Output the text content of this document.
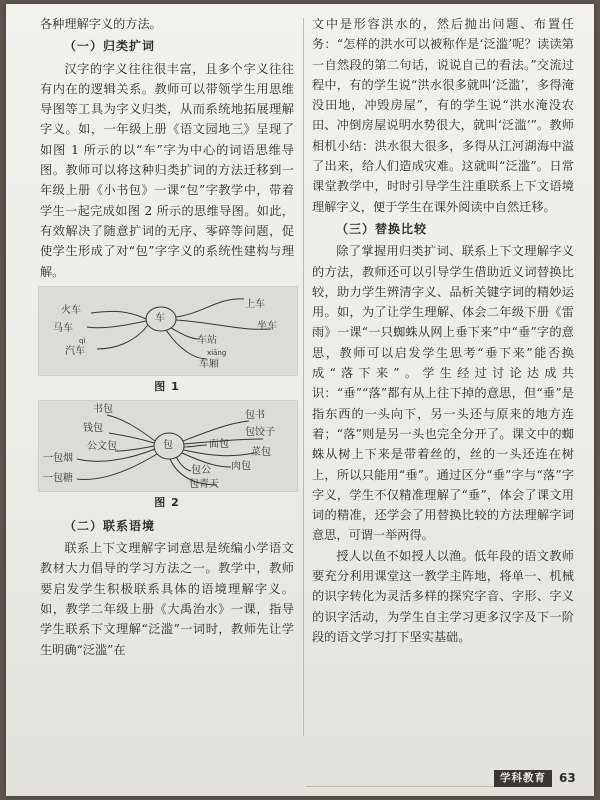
各种理解字义的方法。

（一）归类扩词

汉字的字义往往很丰富，且多个字义往往有内在的逻辑关系。教师可以带领学生用思维导图等工具为字义归类，从而系统地拓展理解字义。如，一年级上册《语文园地三》呈现了如图 1 所示的以“车”字为中心的词语思维导图。教师可以将这种归类扩词的方法迁移到一年级上册《小书包》一课“包”字教学中，带着学生一起完成如图 2 所示的思维导图。如此，有效解决了随意扩词的无序、零碎等问题，促使学生形成了对“包”字字义的系统性建构与理解。

车
火车
马车
qì
汽车
上车
坐车
车站
xiāng
车厢
图 1
包
书包
钱包
公文包
一包烟
一包糖
包书
包饺子
面包
菜包
肉包
包公
包青天
图 2
（二）联系语境

联系上下文理解字词意思是统编小学语文教材大力倡导的学习方法之一。教学中，教师要启发学生积极联系具体的语境理解字义。如，教学二年级上册《大禹治水》一课，指导学生联系下文理解“泛滥”一词时，教师先让学生明确“泛滥”在

文中是形容洪水的，然后抛出问题、布置任务：“怎样的洪水可以被称作是‘泛滥’呢？读读第一自然段的第二句话，说说自己的看法。”交流过程中，有的学生说“洪水很多就叫‘泛滥’，多得淹没田地，冲毁房屋”，有的学生说“洪水淹没农田、冲倒房屋说明水势很大，就叫‘泛滥’”。教师相机小结：洪水很大很多，多得从江河湖海中溢了出来，给人们造成灾难。这就叫“泛滥”。日常课堂教学中，时时引导学生注重联系上下文语境理解字义，便于学生在课外阅读中自然迁移。

（三）替换比较

除了掌握用归类扩词、联系上下文理解字义的方法，教师还可以引导学生借助近义词替换比较，助力学生辨清字义、品析关键字词的精妙运用。如，为了让学生理解、体会二年级下册《雷雨》一课“一只蜘蛛从网上垂下来”中“垂”字的意思，教师可以启发学生思考“垂下来”能否换成“落下来”。学生经过讨论达成共识：“垂”“落”都有从上往下掉的意思，但“垂”是指东西的一头向下，另一头还与原来的地方连着；“落”则是另一头也完全分开了。课文中的蜘蛛从树上下来是带着丝的，丝的一头还连在树上，所以只能用“垂”。通过区分“垂”字与“落”字字义，学生不仅精准理解了“垂”，体会了课文用词的精准，还学会了用替换比较的方法理解字词意思，可谓一举两得。

授人以鱼不如授人以渔。低年段的语文教师要充分利用课堂这一教学主阵地，将单一、机械的识字转化为灵活多样的探究字音、字形、字义的识字活动，为学生自主学习更多汉字及下一阶段的语文学习打下坚实基础。

学科教育	63
